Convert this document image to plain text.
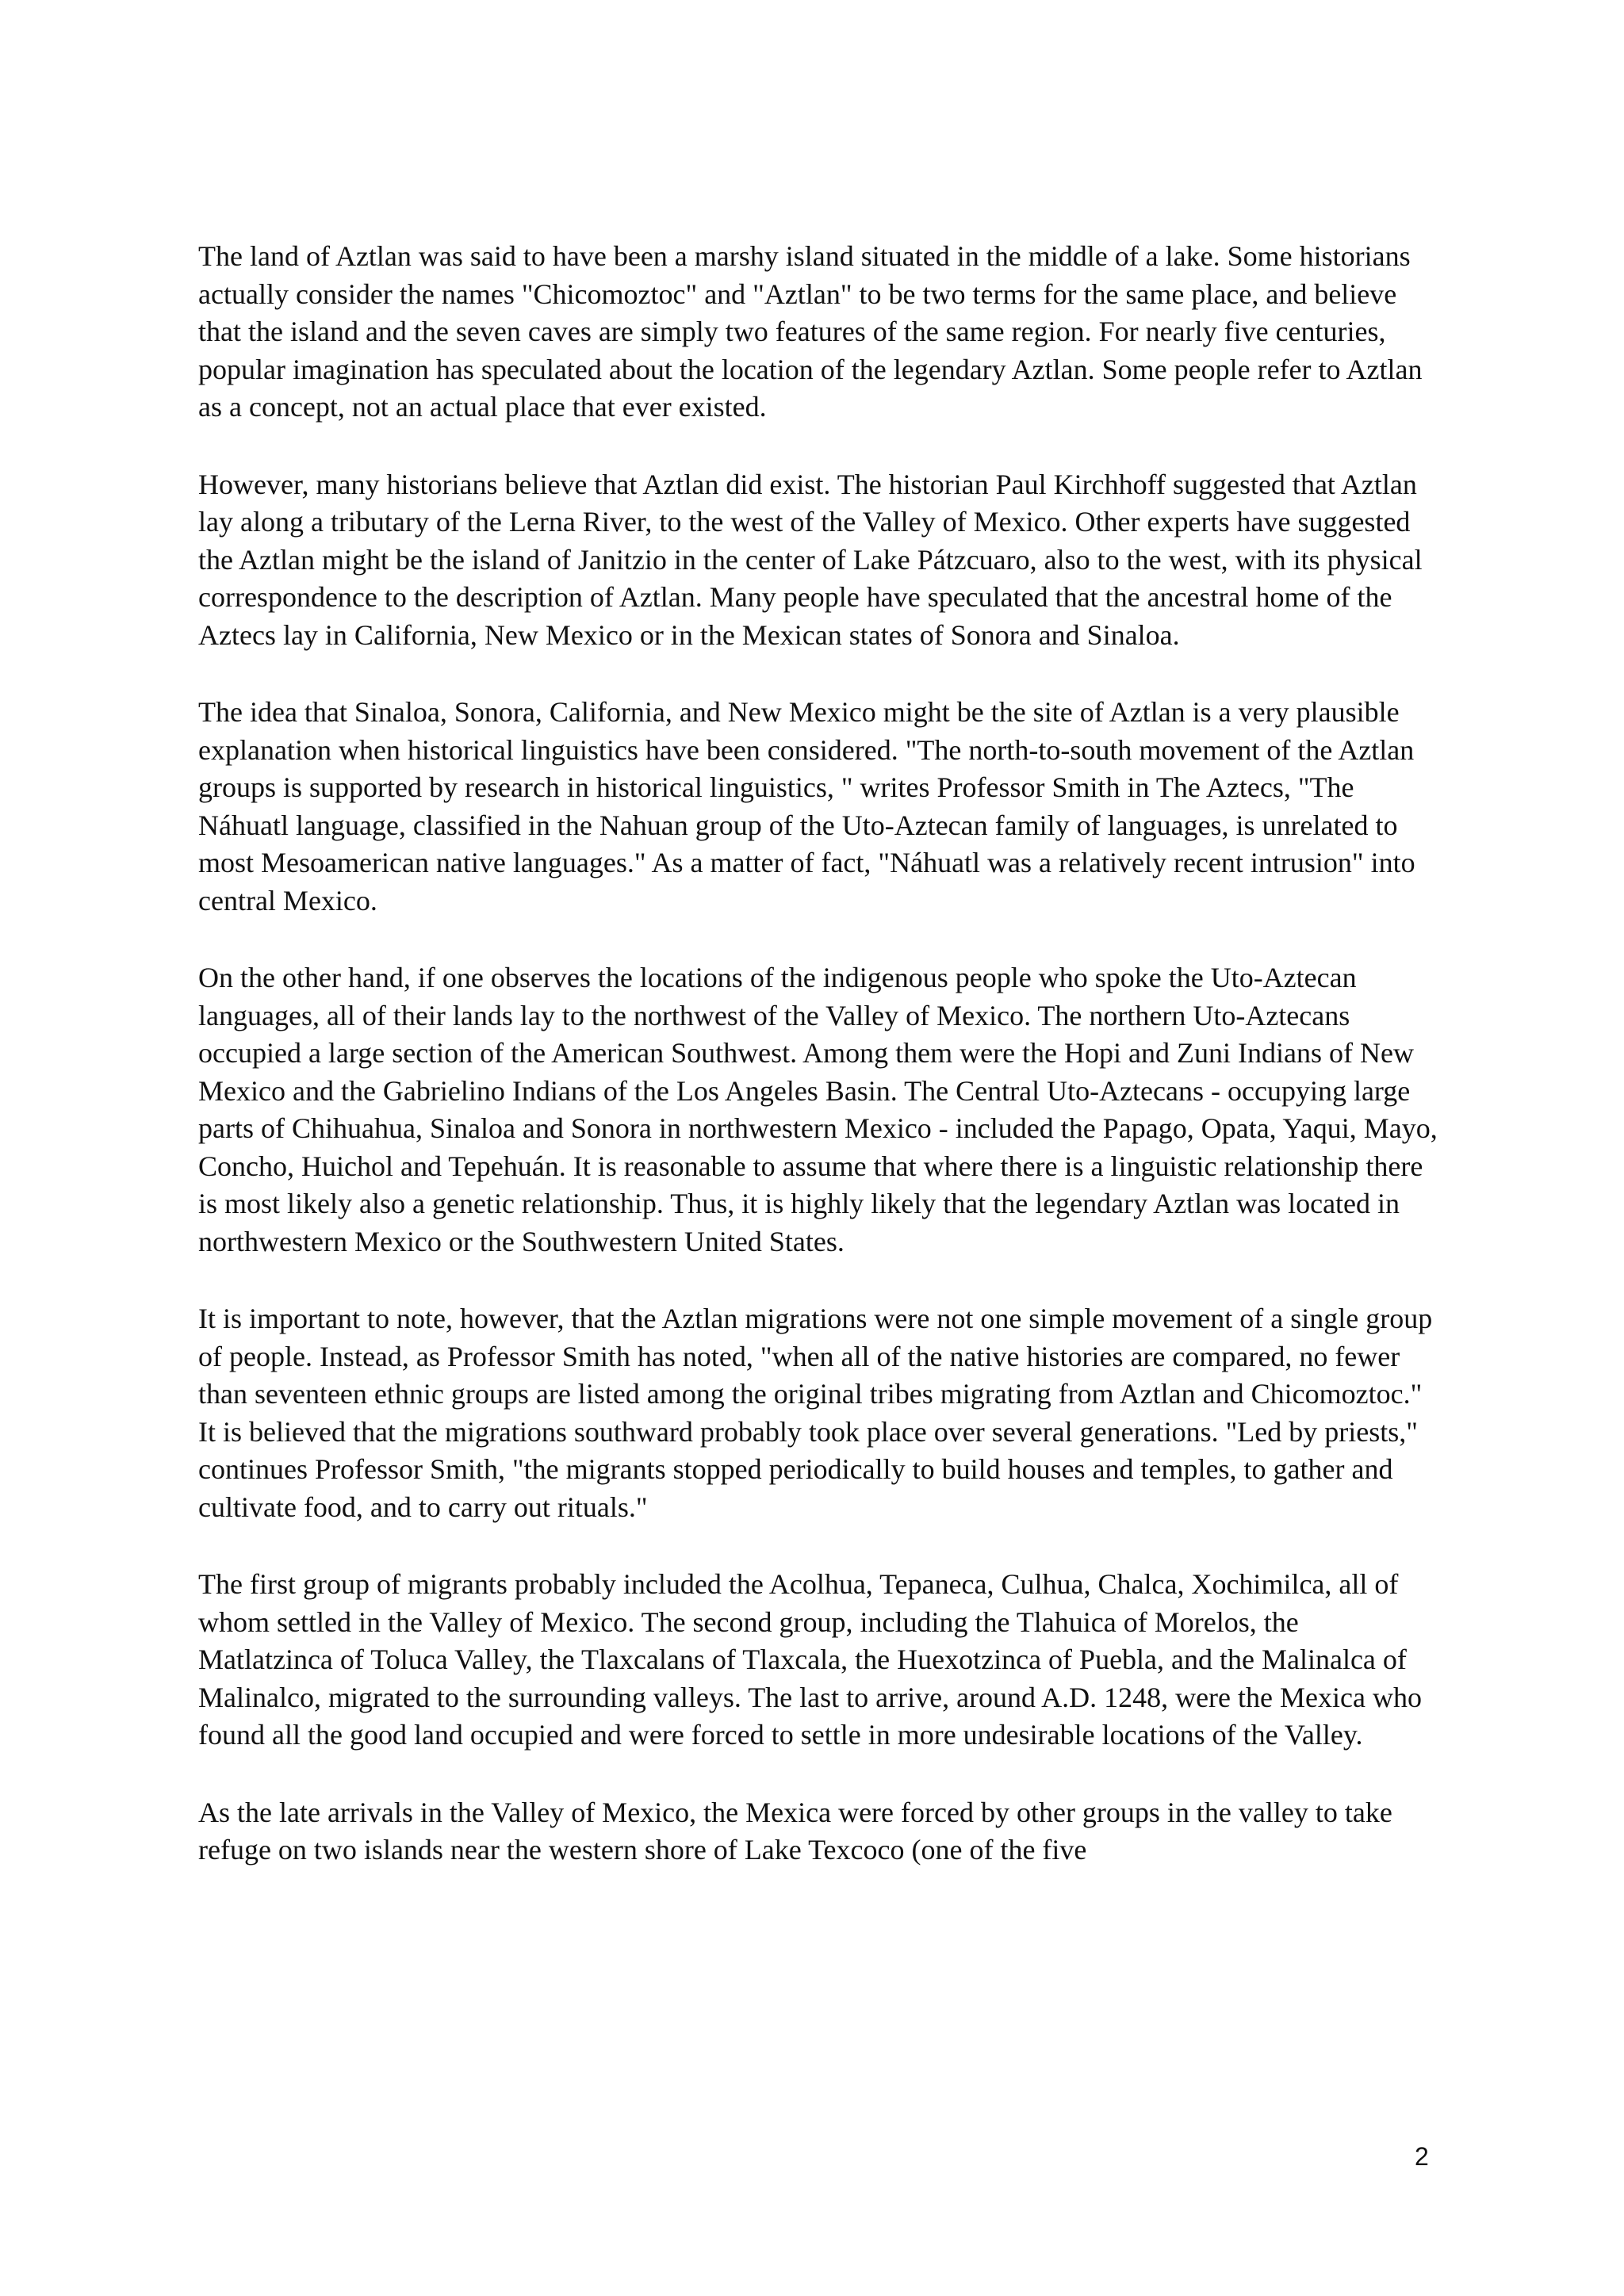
The land of Aztlan was said to have been a marshy island situated in the middle of a lake. Some historians actually consider the names "Chicomoztoc" and "Aztlan" to be two terms for the same place, and believe that the island and the seven caves are simply two features of the same region. For nearly five centuries, popular imagination has speculated about the location of the legendary Aztlan. Some people refer to Aztlan as a concept, not an actual place that ever existed.

However, many historians believe that Aztlan did exist. The historian Paul Kirchhoff suggested that Aztlan lay along a tributary of the Lerna River, to the west of the Valley of Mexico. Other experts have suggested the Aztlan might be the island of Janitzio in the center of Lake Pátzcuaro, also to the west, with its physical correspondence to the description of Aztlan. Many people have speculated that the ancestral home of the Aztecs lay in California, New Mexico or in the Mexican states of Sonora and Sinaloa.

The idea that Sinaloa, Sonora, California, and New Mexico might be the site of Aztlan is a very plausible explanation when historical linguistics have been considered. "The north-to-south movement of the Aztlan groups is supported by research in historical linguistics, " writes Professor Smith in The Aztecs, "The Náhuatl language, classified in the Nahuan group of the Uto-Aztecan family of languages, is unrelated to most Mesoamerican native languages." As a matter of fact, "Náhuatl was a relatively recent intrusion" into central Mexico.

On the other hand, if one observes the locations of the indigenous people who spoke the Uto-Aztecan languages, all of their lands lay to the northwest of the Valley of Mexico. The northern Uto-Aztecans occupied a large section of the American Southwest. Among them were the Hopi and Zuni Indians of New Mexico and the Gabrielino Indians of the Los Angeles Basin. The Central Uto-Aztecans - occupying large parts of Chihuahua, Sinaloa and Sonora in northwestern Mexico - included the Papago, Opata, Yaqui, Mayo, Concho, Huichol and Tepehuán. It is reasonable to assume that where there is a linguistic relationship there is most likely also a genetic relationship. Thus, it is highly likely that the legendary Aztlan was located in northwestern Mexico or the Southwestern United States.

It is important to note, however, that the Aztlan migrations were not one simple movement of a single group of people. Instead, as Professor Smith has noted, "when all of the native histories are compared, no fewer than seventeen ethnic groups are listed among the original tribes migrating from Aztlan and Chicomoztoc." It is believed that the migrations southward probably took place over several generations. "Led by priests," continues Professor Smith, "the migrants stopped periodically to build houses and temples, to gather and cultivate food, and to carry out rituals."

The first group of migrants probably included the Acolhua, Tepaneca, Culhua, Chalca, Xochimilca, all of whom settled in the Valley of Mexico. The second group, including the Tlahuica of Morelos, the Matlatzinca of Toluca Valley, the Tlaxcalans of Tlaxcala, the Huexotzinca of Puebla, and the Malinalca of Malinalco, migrated to the surrounding valleys. The last to arrive, around A.D. 1248, were the Mexica who found all the good land occupied and were forced to settle in more undesirable locations of the Valley.

As the late arrivals in the Valley of Mexico, the Mexica were forced by other groups in the valley to take refuge on two islands near the western shore of Lake Texcoco (one of the five

2
